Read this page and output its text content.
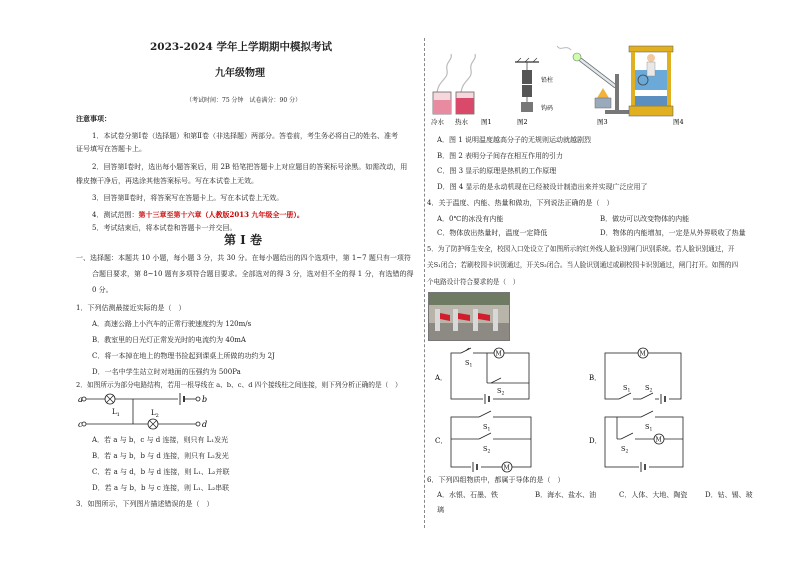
2023-2024 学年上学期期中模拟考试
九年级物理
（考试时间：75 分钟　试卷满分：90 分）
注意事项：
1．本试卷分第Ⅰ卷（选择题）和第Ⅱ卷（非选择题）两部分。答卷前，考生务必将自己的姓名、准考
证号填写在答题卡上。
2．回答第Ⅰ卷时，选出每小题答案后，用 2B 铅笔把答题卡上对应题目的答案标号涂黑。如需改动，用
橡皮擦干净后，再选涂其他答案标号。写在本试卷上无效。
3．回答第Ⅱ卷时，将答案写在答题卡上。写在本试卷上无效。
4．测试范围：第十三章至第十六章（人教版2013 九年级全一册）。
5．考试结束后，将本试卷和答题卡一并交回。
第 Ⅰ 卷
一、选择题：本题共 10 小题，每小题 3 分，共 30 分。在每小题给出的四个选项中，第 1~7 题只有一项符
合题目要求，第 8~10 题有多项符合题目要求。全部选对的得 3 分，选对但不全的得 1 分，有选错的得
0 分。
1．下列估测最接近实际的是（　）
A．高速公路上小汽车的正常行驶速度约为 120m/s
B．教室里的日光灯正常发光时的电流约为 40mA
C．将一本掉在地上的物理书捡起到课桌上所做的功约为 2J
D．一名中学生站立时对地面的压强约为 500Pa
2．如图所示为部分电路结构，若用一根导线在 a、b、c、d 四个接线柱之间连接，则下列分析正确的是（　）
a	b
c	d
$L_1$	$L_2$
A．若 a 与 b，c 与 d 连接，则只有 L₁发光
B．若 a 与 b，b 与 d 连接，则只有 L₂发光
C．若 a 与 d，b 与 d 连接，则 L₁、L₂并联
D．若 a 与 b，b 与 c 连接，则 L₁、L₂串联
3．如图所示，下列图片描述错误的是（　）
冷水 热水 图1
铅柱
钩码
图2	图3	图4
A．图 1 说明温度越高分子的无规则运动就越剧烈
B．图 2 表明分子间存在相互作用的引力
C．图 3 显示的原理是热机的工作原理
D．图 4 显示的是永动机现在已经被设计制造出来并实现广泛应用了
4．关于温度、内能、热量和做功，下列说法正确的是（　）
A．0℃的冰没有内能	B．做功可以改变物体的内能
C．物体放出热量时，温度一定降低	D．物体的内能增加，一定是从外界吸收了热量
5．为了防护师生安全，校园入口处设立了如图所示的红外线人脸识别闸门识别系统。若人脸识别通过，开
关S₁闭合；若刷校园卡识别通过，开关S₂闭合。当人脸识别通过或刷校园卡识别通过，闸门打开。如图的四
个电路设计符合要求的是（　）
A．
M
$S_1$
$S_2$
B．
M
$S_1$ $S_2$
C．
M
$S_1$
$S_2$
D．	M
$S_1$
$S_2$
6．下列四组物质中，都属于导体的是（　）
A．水银、石墨、铁	B．海水、盐水、油	C．人体、大地、陶瓷	D．钻、锡、玻
璃
